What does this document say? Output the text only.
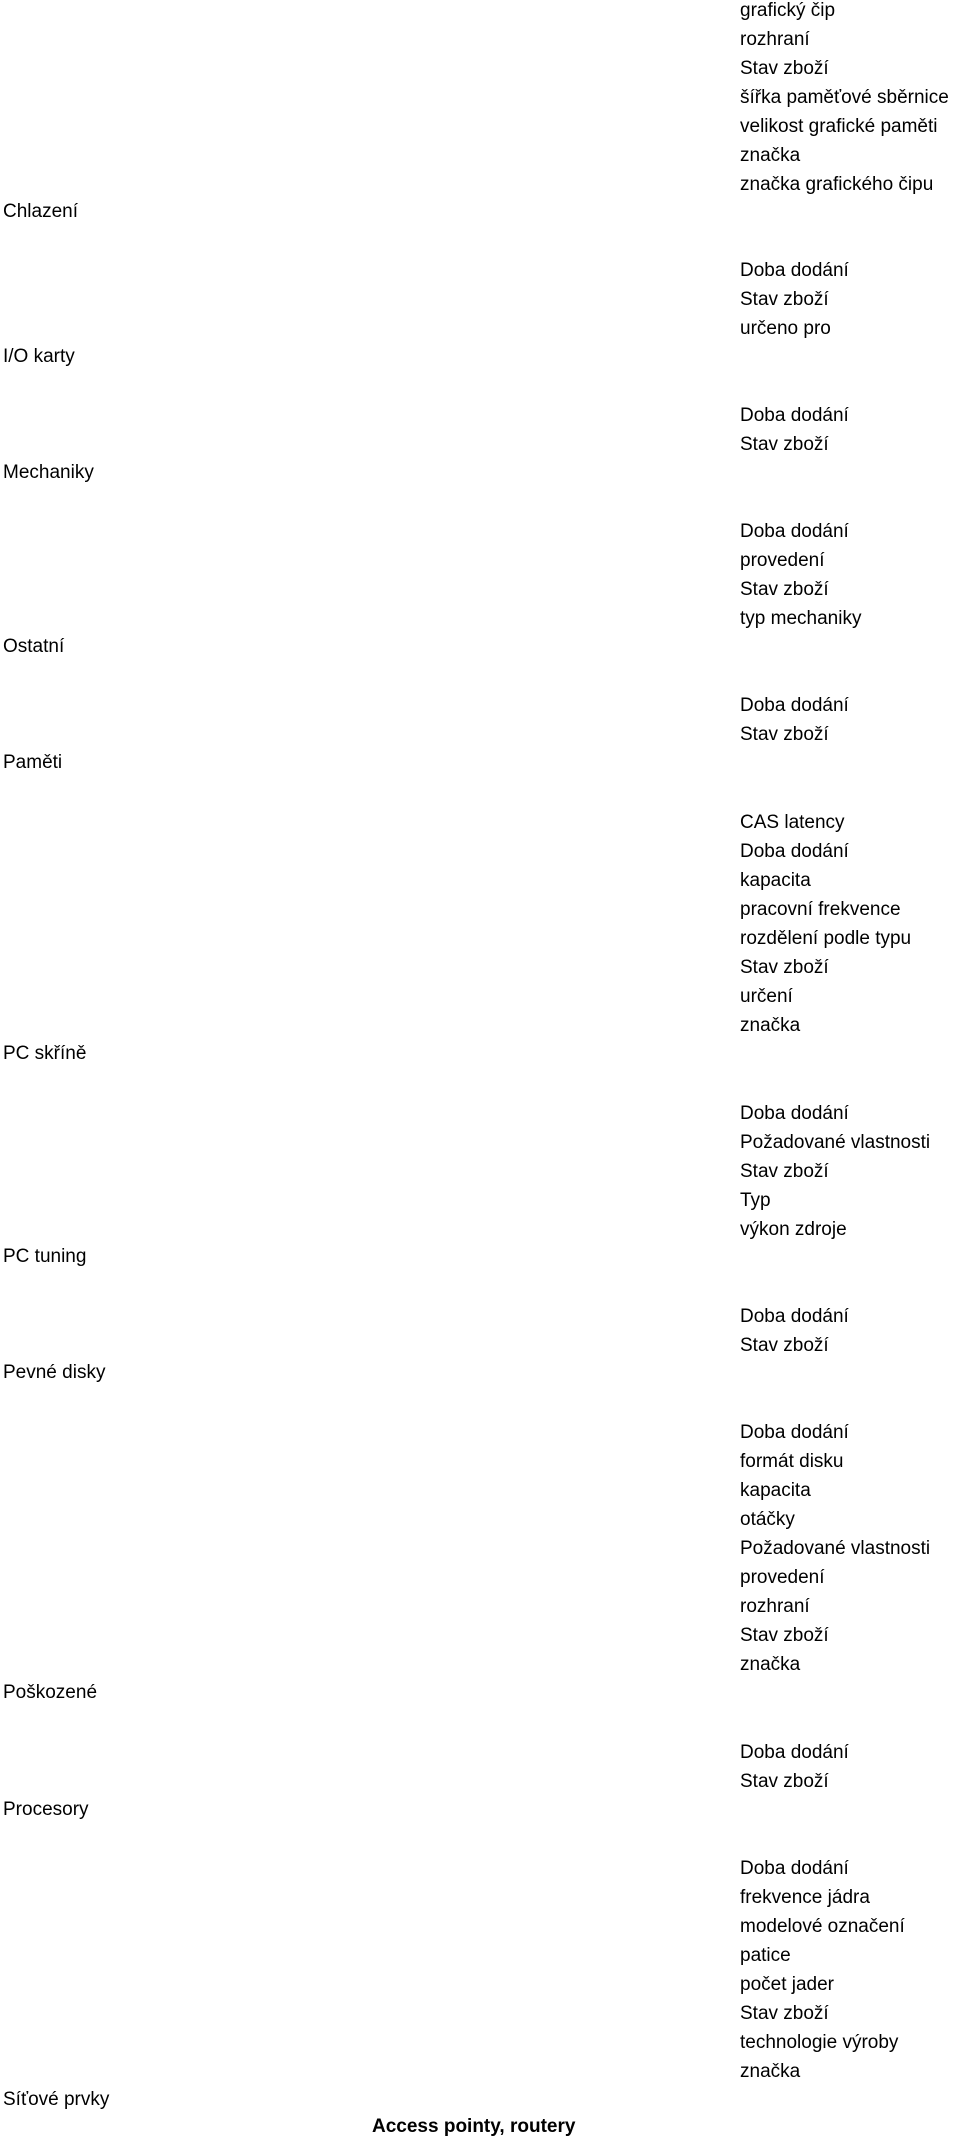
grafický čip
rozhraní
Stav zboží
šířka paměťové sběrnice
velikost grafické paměti
značka
značka grafického čipu
Chlazení
Doba dodání
Stav zboží
určeno pro
I/O karty
Doba dodání
Stav zboží
Mechaniky
Doba dodání
provedení
Stav zboží
typ mechaniky
Ostatní
Doba dodání
Stav zboží
Paměti
CAS latency
Doba dodání
kapacita
pracovní frekvence
rozdělení podle typu
Stav zboží
určení
značka
PC skříně
Doba dodání
Požadované vlastnosti
Stav zboží
Typ
výkon zdroje
PC tuning
Doba dodání
Stav zboží
Pevné disky
Doba dodání
formát disku
kapacita
otáčky
Požadované vlastnosti
provedení
rozhraní
Stav zboží
značka
Poškozené
Doba dodání
Stav zboží
Procesory
Doba dodání
frekvence jádra
modelové označení
patice
počet jader
Stav zboží
technologie výroby
značka
Síťové prvky
Access pointy, routery
